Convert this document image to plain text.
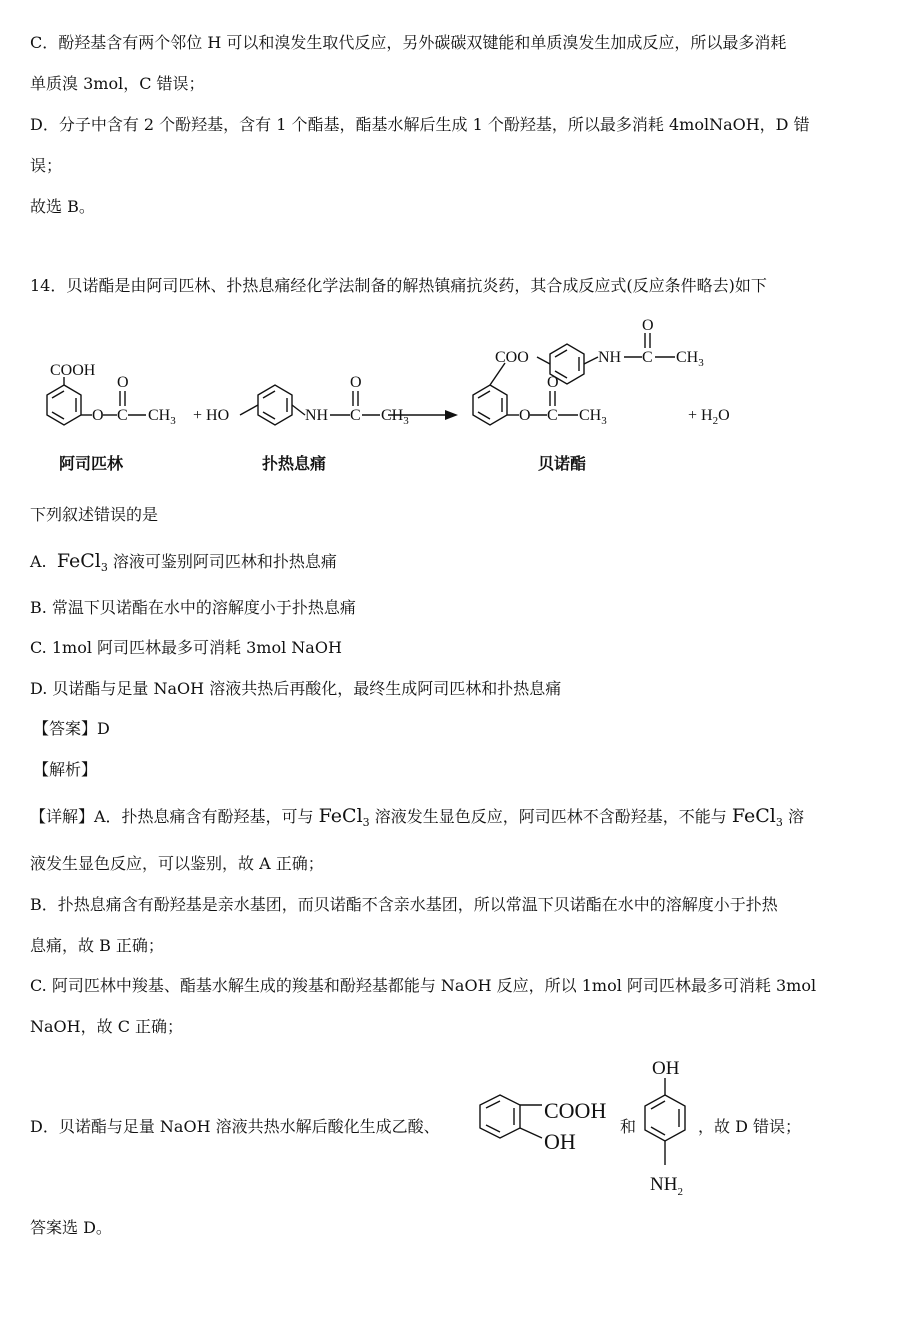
C．酚羟基含有两个邻位 H 可以和溴发生取代反应，另外碳碳双键能和单质溴发生加成反应，所以最多消耗
单质溴 3mol，C 错误；
D．分子中含有 2 个酚羟基，含有 1 个酯基，酯基水解后生成 1 个酚羟基，所以最多消耗 4molNaOH，D 错
误；
故选 B。
14．贝诺酯是由阿司匹林、扑热息痛经化学法制备的解热镇痛抗炎药，其合成反应式(反应条件略去)如下
COOH
O C
O
$CH_3$ + HO	NH C
O
$CH_3$
COO	NH C
O
$CH_3$
O C
O
$CH_3$	+ $H_2O$
阿司匹林	扑热息痛	贝诺酯
下列叙述错误的是
A. FeCl$_3$ 溶液可鉴别阿司匹林和扑热息痛
B. 常温下贝诺酯在水中的溶解度小于扑热息痛
C. 1mol 阿司匹林最多可消耗 3mol NaOH
D. 贝诺酯与足量 NaOH 溶液共热后再酸化，最终生成阿司匹林和扑热息痛
【答案】D
【解析】
【详解】A．扑热息痛含有酚羟基，可与 FeCl$_3$ 溶液发生显色反应，阿司匹林不含酚羟基，不能与 FeCl$_3$ 溶
液发生显色反应，可以鉴别，故 A 正确；
B．扑热息痛含有酚羟基是亲水基团，而贝诺酯不含亲水基团，所以常温下贝诺酯在水中的溶解度小于扑热
息痛，故 B 正确；
C. 阿司匹林中羧基、酯基水解生成的羧基和酚羟基都能与 NaOH 反应，所以 1mol 阿司匹林最多可消耗 3mol
NaOH，故 C 正确；
D．贝诺酯与足量 NaOH 溶液共热水解后酸化生成乙酸、
COOH
OH
和
OH
$NH_2$
，故 D 错误；
答案选 D。
